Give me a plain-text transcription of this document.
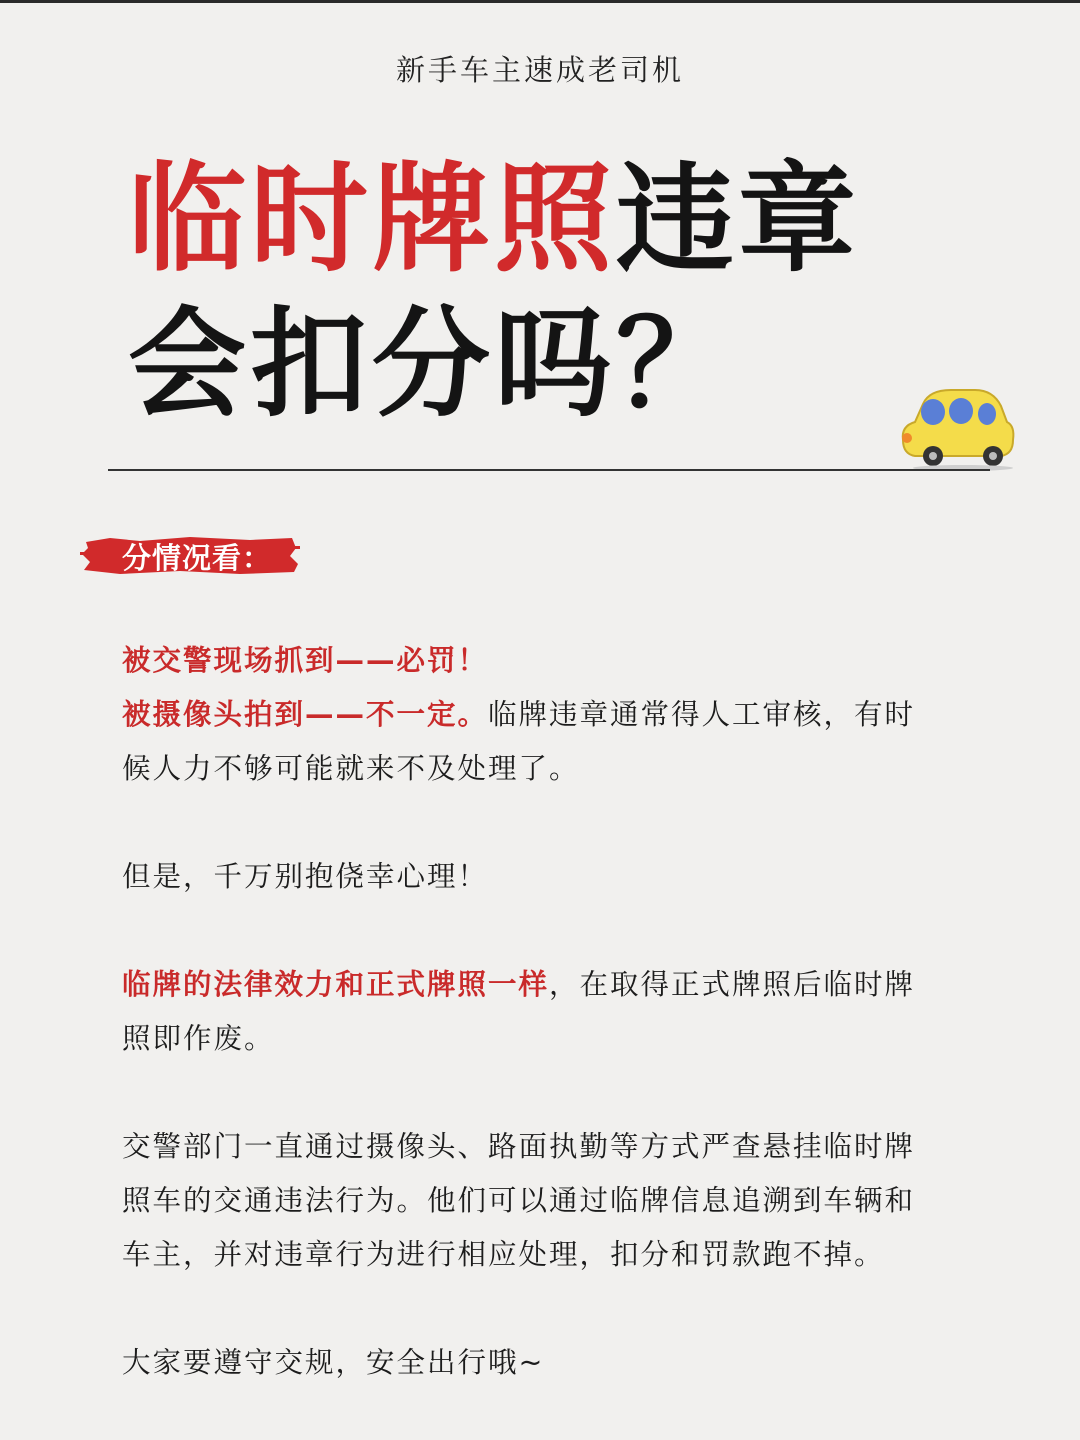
新手车主速成老司机
临时牌照违章
会扣分吗？
分情况看：
被交警现场抓到——必罚！
被摄像头拍到——不一定。临牌违章通常得人工审核，有时
候人力不够可能就来不及处理了。
但是，千万别抱侥幸心理！
临牌的法律效力和正式牌照一样，在取得正式牌照后临时牌
照即作废。
交警部门一直通过摄像头、路面执勤等方式严查悬挂临时牌
照车的交通违法行为。他们可以通过临牌信息追溯到车辆和
车主，并对违章行为进行相应处理，扣分和罚款跑不掉。
大家要遵守交规，安全出行哦~
